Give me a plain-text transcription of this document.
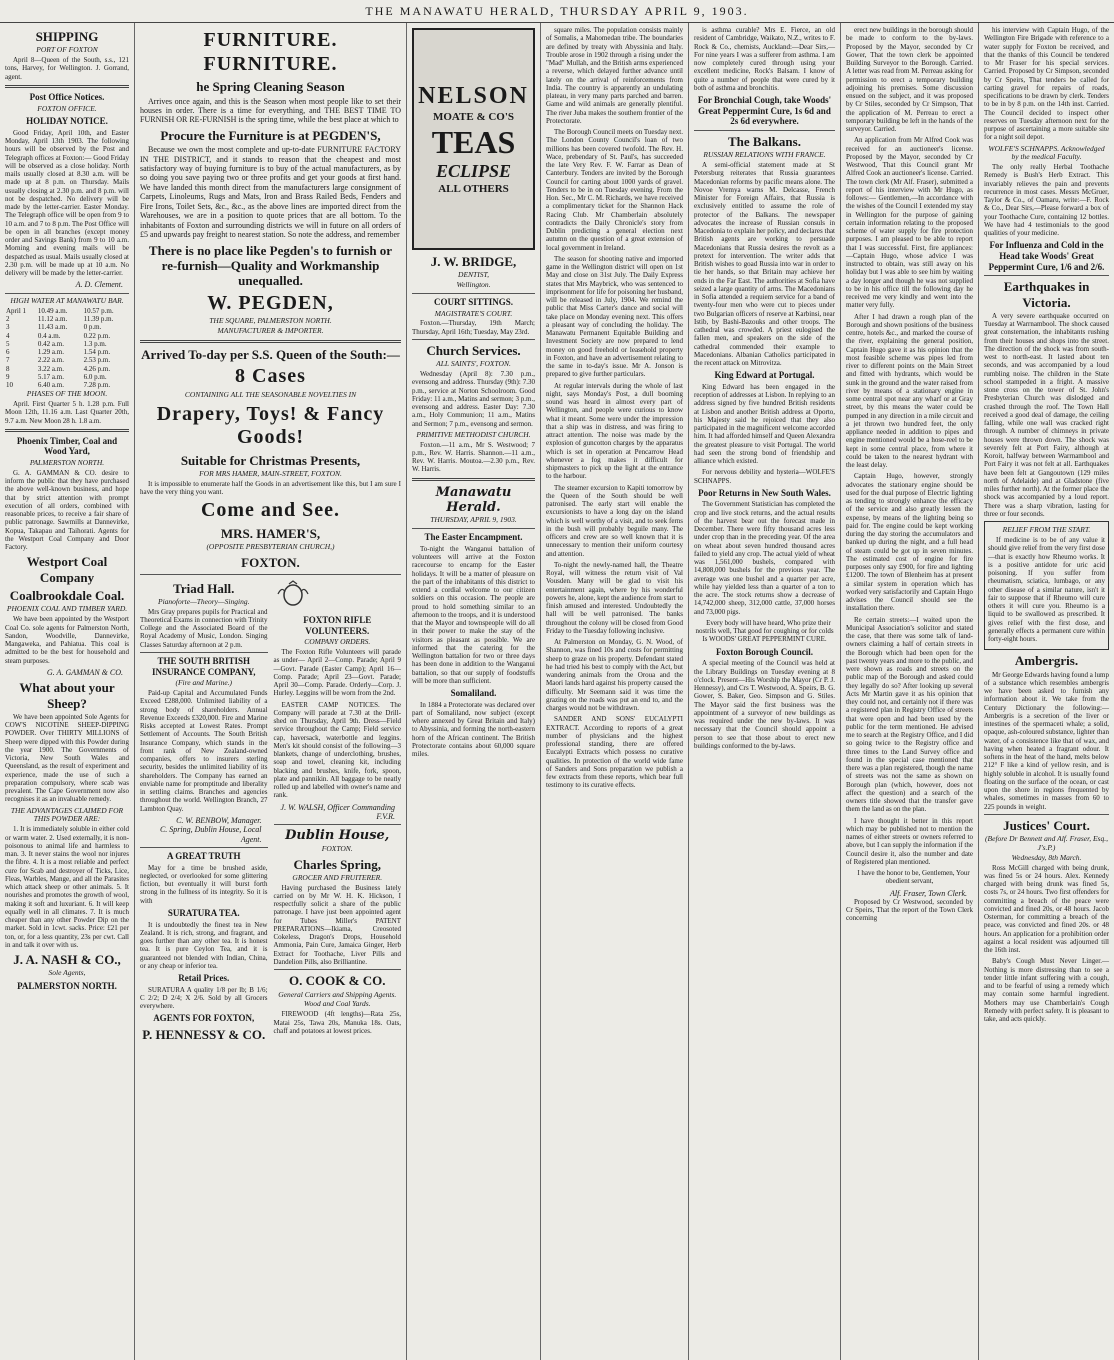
THE MANAWATU HERALD, THURSDAY APRIL 9, 1903.
SHIPPING
PORT OF FOXTON

April 8—Queen of the South, s.s., 121 tons, Harvey, for Wellington. J. Gorrand, agent.

Post Office Notices.
FOXTON OFFICE.
HOLIDAY NOTICE.

Good Friday, April 10th, and Easter Monday, April 13th 1903. The following hours will be observed by the Post and Telegraph offices at Foxton:— Good Friday will be observed as a close holiday. North mails usually closed at 8.30 a.m. will be made up at 8 p.m. on Thursday. Mails usually closing at 2.30 p.m. and 8 p.m. will not be despatched. No delivery will be made by the letter-carrier. Easter Monday. The Telegraph office will be open from 9 to 10 a.m. and 7 to 8 p.m. The Post Office will be open in all branches (except money order and Savings Bank) from 9 to 10 a.m. Morning and evening mails will be despatched as usual. Mails usually closed at 2.30 p.m. will be made up at 10 a.m. No delivery will be made by the letter-carrier.

A. D. Clement.
HIGH WATER AT MANAWATU BAR.
April 1	10.49 a.m.	10.57 p.m.
2	11.12 a.m.	11.39 p.m.
3	11.43 a.m.	0 p.m.
4	0.4 a.m.	0.22 p.m.
5	0.42 a.m.	1.3 p.m.
6	1.29 a.m.	1.54 p.m.
7	2.22 a.m.	2.53 p.m.
8	3.22 a.m.	4.26 p.m.
9	5.17 a.m.	6.0 p.m.
10	6.40 a.m.	7.28 p.m.
PHASES OF THE MOON.

April. First Quarter 5 h. 1.28 p.m. Full Moon 12th, 11.16 a.m. Last Quarter 20th, 9.7 a.m. New Moon 28 h. 1.8 a.m.

Phoenix Timber, Coal and Wood Yard,
PALMERSTON NORTH.

G. A. GAMMAN & CO. desire to inform the public that they have purchased the above well-known business, and hope that by strict attention with prompt execution of all orders, combined with reasonable prices, to receive a fair share of public patronage. Sawmills at Dannevirke, Kopua, Takapau and Taihorati. Agents for the Westport Coal Company and Door Factory.

Westport Coal Company
Coalbrookdale Coal.
PHOENIX COAL AND TIMBER YARD.

We have been appointed by the Westport Coal Co. sole agents for Palmerston North, Sandon, Woodville, Dannevirke, Mangaweka, and Pahiatua. This coal is admitted to be the best for household and steam purposes.

G. A. GAMMAN & CO.
What about your Sheep?

We have been appointed Sole Agents for COW'S NICOTINE SHEEP-DIPPING POWDER. Over THIRTY MILLIONS of Sheep were dipped with this Powder during the year 1900. The Governments of Victoria, New South Wales and Queensland, as the result of experiment and experience, made the use of such a preparation compulsory, where scab was prevalent. The Cape Government now also recognises it as an invaluable remedy.

THE ADVANTAGES CLAIMED FOR THIS POWDER ARE:

1. It is immediately soluble in either cold or warm water. 2. Used externally, it is non-poisonous to animal life and harmless to man. 3. It never stains the wool nor injures the fibre. 4. It is a most reliable and perfect cure for Scab and destroyer of Ticks, Lice, Fleas, Warbles, Mange, and all the Parasites which attack sheep or other animals. 5. It nourishes and promotes the growth of wool, making it soft and luxuriant. 6. It will keep equally well in all climates. 7. It is much cheaper than any other Powder Dip on the market. Sold in 1cwt. sacks. Price: £21 per ton, or, for a less quantity, 23s per cwt. Call in and talk it over with us.

J. A. NASH & CO.,
Sole Agents,
PALMERSTON NORTH.
FURNITURE. FURNITURE.
he Spring Cleaning Season

Arrives once again, and this is the Season when most people like to set their houses in order. There is a time for everything, and THE BEST TIME TO FURNISH OR RE-FURNISH is the spring time, while the best place at which to

Procure the Furniture is at PEGDEN'S,

Because we own the most complete and up-to-date FURNITURE FACTORY IN THE DISTRICT, and it stands to reason that the cheapest and most satisfactory way of buying furniture is to buy of the actual manufacturers, as by so doing you save paying two or three profits and get your goods at first hand. We have landed this month direct from the manufacturers large consignment of Carpets, Linoleums, Rugs and Mats, Iron and Brass Railed Beds, Fenders and Fire Irons, Toilet Sets, &c., &c., as the above lines are imported direct from the Warehouses, we are in a position to quote prices that are all bottom. To the inhabitants of Foxton and surrounding districts we will in future on all orders of £5 and upwards pay freight to nearest station. So note the address, and remember

There is no place like Pegden's to furnish or re-furnish—Quality and Workmanship unequalled.
W. PEGDEN,
THE SQUARE, PALMERSTON NORTH.
MANUFACTURER & IMPORTER.
Arrived To-day per S.S. Queen of the South:—
8 Cases
CONTAINING ALL THE SEASONABLE NOVELTIES IN
Drapery, Toys! & Fancy Goods!
Suitable for Christmas Presents,
FOR MRS HAMER, MAIN-STREET, FOXTON.

It is impossible to enumerate half the Goods in an advertisement like this, but I am sure I have the very thing you want.

Come and See.
MRS. HAMER'S,
(OPPOSITE PRESBYTERIAN CHURCH,)
FOXTON.
Triad Hall.
Pianoforte—Theory—Singing.

Mrs Gray prepares pupils for Practical and Theoretical Exams in connection with Trinity College and the Associated Board of the Royal Academy of Music, London. Singing Classes Saturday afternoon at 2 p.m.

THE SOUTH BRITISH INSURANCE COMPANY,
(Fire and Marine.)

Paid-up Capital and Accumulated Funds Exceed £288,000. Unlimited liability of a strong body of shareholders. Annual Revenue Exceeds £320,000. Fire and Marine Risks accepted at Lowest Rates. Prompt Settlement of Accounts. The South British Insurance Company, which stands in the front rank of New Zealand-owned companies, offers to insurers sterling security, besides the unlimited liability of its shareholders. The Company has earned an enviable name for promptitude and liberality in settling claims. Branches and agencies throughout the world. Wellington Branch, 27 Lambton Quay.

C. W. BENBOW, Manager.
C. Spring, Dublin House, Local Agent.
A GREAT TRUTH

May for a time be brushed aside, neglected, or overlooked for some glittering fiction, but eventually it will burst forth strong in the fullness of its integrity. So it is with

SURATURA TEA.

It is undoubtedly the finest tea in New Zealand. It is rich, strong, and fragrant, and goes further than any other tea. It is honest tea. It is pure Ceylon Tea, and it is guaranteed not blended with Indian, China, or any cheap or inferior tea.

Retail Prices.

SURATURA A quality 1/8 per lb; B 1/6; C 2/2; D 2/4; X 2/6. Sold by all Grocers everywhere.

AGENTS FOR FOXTON,
P. HENNESSY & CO.
FOXTON RIFLE VOLUNTEERS.
COMPANY ORDERS.

The Foxton Rifle Volunteers will parade as under— April 2—Comp. Parade; April 9—Govt. Parade (Easter Camp); April 16—Comp. Parade; April 23—Govt. Parade; April 30—Comp. Parade. Orderly—Corp. J. Hurley. Leggins will be worn from the 2nd.

EASTER CAMP NOTICES. The Company will parade at 7.30 at the Drill-shed on Thursday, April 9th. Dress—Field service throughout the Camp; Field service cap, haversack, waterbottle and leggins. Men's kit should consist of the following—3 blankets, change of underclothing, brushes, soap and towel, cleaning kit, including blacking and brushes, knife, fork, spoon, plate and pannikin. All baggage to be neatly rolled up and labelled with owner's name and rank.

J. W. WALSH, Officer Commanding F.V.R.
Dublin House,
FOXTON.
Charles Spring,
GROCER AND FRUITERER.

Having purchased the Business lately carried on by Mr W. H. K. Hickson, I respectfully solicit a share of the public patronage. I have just been appointed agent for Tubes Miller's PATENT PREPARATIONS—Ikiama, Creosoted Cokeless, Dragon's Drops, Household Ammonia, Pain Cure, Jamaica Ginger, Herb Extract for Toothache, Liver Pills and Dandelion Pills, also Brilliantine.

O. COOK & CO.
General Carriers and Shipping Agents.
Wood and Coal Yards.

FIREWOOD (4ft lengths)—Rata 25s, Matai 25s, Tawa 20s, Manuka 18s. Oats, chaff and potatoes at lowest prices.

NELSON
MOATE & CO'S
TEAS
ECLIPSE
ALL OTHERS
J. W. BRIDGE,
DENTIST,
Wellington.
COURT SITTINGS.
MAGISTRATE'S COURT.

Foxton.—Thursday, 19th March; Thursday, April 16th; Tuesday, May 23rd.

Church Services.
ALL SAINTS', FOXTON.

Wednesday (April 8): 7.30 p.m., evensong and address. Thursday (9th): 7.30 p.m., service at Norton Schoolroom. Good Friday: 11 a.m., Matins and sermon; 3 p.m., evensong and address. Easter Day: 7.30 a.m., Holy Communion; 11 a.m., Matins and Sermon; 7 p.m., evensong and sermon.

PRIMITIVE METHODIST CHURCH.

Foxton.—11 a.m., Mr S. Westwood; 7 p.m., Rev. W. Harris. Shannon.—11 a.m., Rev. W. Harris. Moutoa.—2.30 p.m., Rev. W. Harris.

Manawatu Herald.
THURSDAY, APRIL 9, 1903.
The Easter Encampment.

To-night the Wanganui battalion of volunteers will arrive at the Foxton racecourse to encamp for the Easter holidays. It will be a matter of pleasure on the part of the inhabitants of this district to extend a cordial welcome to our citizen soldiers on this occasion. The people are proud to hold something similar to an afternoon to the troops, and it is understood that the Mayor and townspeople will do all in their power to make the stay of the visitors as pleasant as possible. We are informed that the catering for the Wellington battalion for two or three days has been done in addition to the Wanganui battalion, so that our supply of foodstuffs will be more than sufficient.

Somaliland.

In 1884 a Protectorate was declared over part of Somaliland, now subject (except where annexed by Great Britain and Italy) to Abyssinia, and forming the north-eastern horn of the African continent. The British Protectorate contains about 60,000 square miles.

square miles. The population consists mainly of Somalis, a Mahomedan tribe. The boundaries are defined by treaty with Abyssinia and Italy. Trouble arose in 1902 through a rising under the "Mad" Mullah, and the British arms experienced a reverse, which delayed further advance until lately on the arrival of reinforcements from India. The country is apparently an undulating plateau, in very many parts parched and barren. Game and wild animals are generally plentiful. The river Juba makes the southern frontier of the Protectorate.

The Borough Council meets on Tuesday next. The London County Council's loan of two millions has been covered twofold. The Rev. H. Wace, prebendary of St. Paul's, has succeeded the late Very Rev. F. W. Farrar as Dean of Canterbury. Tenders are invited by the Borough Council for carting about 1000 yards of gravel. Tenders to be in on Tuesday evening. From the Hon. Sec., Mr C. M. Richards, we have received a complimentary ticket for the Shannon Hack Racing Club. Mr Chamberlain absolutely contradicts the Daily Chronicle's story from Dublin predicting a general election next autumn on the question of a great extension of local government in Ireland.

The season for shooting native and imported game in the Wellington district will open on 1st May and close on 31st July. The Daily Express states that Mrs Maybrick, who was sentenced to imprisonment for life for poisoning her husband, will be released in July, 1904. We remind the public that Miss Carter's dance and social will take place on Monday evening next. This offers a pleasant way of concluding the holiday. The Manawatu Permanent Equitable Building and Investment Society are now prepared to lend money on good freehold or leasehold property in Foxton, and have an advertisement relating to the same in to-day's issue. Mr A. Jonson is prepared to give further particulars.

At regular intervals during the whole of last night, says Monday's Post, a dull booming sound was heard in almost every part of Wellington, and people were curious to know what it meant. Some were under the impression that a ship was in distress, and was firing to attract attention. The noise was made by the explosion of guncotton charges by the apparatus which is set in operation at Pencarrow Head whenever a fog makes it difficult for shipmasters to pick up the light at the entrance to the harbour.

The steamer excursion to Kapiti tomorrow by the Queen of the South should be well patronised. The early start will enable the excursionists to have a long day on the island which is well worthy of a visit, and to seek ferns in the bush will probably beguile many. The officers and crew are so well known that it is unnecessary to mention their uniform courtesy and attention.

To-night the newly-named hall, the Theatre Royal, will witness the return visit of Val Vousden. Many will be glad to visit his entertainment again, where by his wonderful powers he, alone, kept the audience from start to finish amused and interested. Undoubtedly the hall will be well patronised. The banks throughout the colony will be closed from Good Friday to the Tuesday following inclusive.

At Palmerston on Monday, G. N. Wood, of Shannon, was fined 10s and costs for permitting sheep to graze on his property. Defendant stated he had tried his best to comply with the Act, but wandering animals from the Oroua and the Maori lands hard against his property caused the difficulty. Mr Seemann said it was time the grazing on the roads was put an end to, and the charges would not be withdrawn.

SANDER AND SONS' EUCALYPTI EXTRACT. According to reports of a great number of physicians and the highest professional standing, there are offered Eucalypti Extracts which possess no curative qualities. In protection of the world wide fame of Sanders and Sons preparation we publish a few extracts from these reports, which bear full testimony to its curative effects.

is asthma curable? Mrs E. Fierce, an old resident of Cambridge, Waikato, N.Z., writes to F. Rock & Co., chemists, Auckland:—Dear Sirs,—For nine years I was a sufferer from asthma. I am now completely cured through using your excellent medicine, Rock's Balsam. I know of quite a number of people that were cured by it both of asthma and bronchitis.

For Bronchial Cough, take Woods' Great Peppermint Cure, 1s 6d and 2s 6d everywhere.
The Balkans.
RUSSIAN RELATIONS WITH FRANCE.

A semi-official statement made at St Petersburg reiterates that Russia guarantees Macedonian reforms by pacific means alone. The Novoe Vremya warns M. Delcasse, French Minister for Foreign Affairs, that Russia is exclusively entitled to assume the role of protector of the Balkans. The newspaper advocates the increase of Russian consuls in Macedonia to explain her policy, and declares that British agents are working to persuade Macedonians that Russia desires the revolt as a pretext for intervention. The writer adds that British wishes to goad Russia into war in order to tie her hands, so that Britain may achieve her ends in the Far East. The authorities at Sofia have seized a large quantity of arms. The Macedonians in Sofia attended a requiem service for a band of twenty-four men who were cut to pieces under two Bulgarian officers of reserve at Karbinsi, near Istib, by Bashi-Bazouks and other troops. The cathedral was crowded. A priest eulogised the fallen men, and speakers on the side of the cathedral commended their example to Macedonians. Albanian Catholics participated in the recent attack on Mitrovitza.

King Edward at Portugal.

King Edward has been engaged in the reception of addresses at Lisbon. In replying to an address signed by five hundred British residents at Lisbon and another British address at Oporto, his Majesty said he rejoiced that they also participated in the magnificent welcome accorded him. It had afforded himself and Queen Alexandra the greatest pleasure to visit Portugal. The world had seen the strong bond of friendship and alliance which existed.

For nervous debility and hysteria—WOLFE'S SCHNAPPS.

Poor Returns in New South Wales.

The Government Statistician has completed the crop and live stock returns, and the actual results of the harvest bear out the forecast made in December. There were fifty thousand acres less under crop than in the preceding year. Of the area on wheat about seven hundred thousand acres failed to yield any crop. The actual yield of wheat was 1,561,000 bushels, compared with 14,808,000 bushels for the previous year. The average was one bushel and a quarter per acre, while hay yielded less than a quarter of a ton to the acre. The stock returns show a decrease of 14,742,000 sheep, 312,000 cattle, 37,000 horses and 73,000 pigs.

Every body will have heard, Who prize their nostrils well, That good for coughing or for colds Is WOODS' GREAT PEPPERMINT CURE.

Foxton Borough Council.

A special meeting of the Council was held at the Library Buildings on Tuesday evening at 8 o'clock. Present—His Worship the Mayor (Cr P. J. Hennessy), and Crs T. Westwood, A. Speirs, B. G. Gower, S. Baker, Geo. Simpson and G. Stiles. The Mayor said the first business was the appointment of a surveyor of new buildings as was required under the new by-laws. It was necessary that the Council should appoint a person to see that those about to erect new buildings conformed to the by-laws.

erect new buildings in the borough should be made to conform to the by-laws. Proposed by the Mayor, seconded by Cr Gower, That the town clerk be appointed Building Surveyor to the Borough. Carried. A letter was read from M. Perreau asking for permission to erect a temporary building adjoining his premises. Some discussion ensued on the subject, and it was proposed by Cr Stiles, seconded by Cr Simpson, That the application of M. Perreau to erect a temporary building be left in the hands of the surveyor. Carried.

An application from Mr Alfred Cook was received for an auctioneer's license. Proposed by the Mayor, seconded by Cr Westwood, That this Council grant Mr Alfred Cook an auctioneer's license. Carried. The town clerk (Mr Alf. Fraser), submitted a report of his interview with Mr Hugo, as follows:— Gentlemen,—In accordance with the wishes of the Council I extended my stay in Wellington for the purpose of gaining certain information relating to the proposed scheme of water supply for fire protection purposes. I am pleased to be able to report that I was successful. First, fire appliances:—Captain Hugo, whose advice I was instructed to obtain, was still away on his holiday but I was able to see him by waiting a day longer and though he was not supplied to be in his office till the following day he received me very kindly and went into the matter very fully.

After I had drawn a rough plan of the Borough and shown positions of the business centre, hotels &c., and marked the course of the river, explaining the general position, Captain Hugo gave it as his opinion that the most feasible scheme was pipes led from river to different points on the Main Street and fitted with hydrants, which would be sunk in the ground and the water raised from river by means of a stationary engine in some central spot near any wharf or at Gray street, by this means the water could be pumped in any direction in a mile circuit and a jet thrown two hundred feet, the only appliance needed in addition to pipes and engine mentioned would be a hose-reel to be kept in some central place, from where it could be taken to the nearest hydrant with the least delay.

Captain Hugo, however, strongly advocates the stationary engine should be used for the dual purpose of Electric lighting as tending to strongly enhance the efficacy of the service and also greatly lessen the expense, by means of the lighting being so paid for. The engine could be kept working during the day storing the accumulators and banked up during the night, and a full head of steam could be got up in seven minutes. The estimated cost of engine for fire purposes only say £900, for fire and lighting £1200. The town of Blenheim has at present a similar system in operation which has worked very satisfactorily and Captain Hugo advises the Council should see the installation there.

Re certain streets:—I waited upon the Municipal Association's solicitor and stated the case, that there was some talk of land-owners claiming a half of certain streets in the Borough which had been open for the past twenty years and more to the public, and were shown as roads and streets on the public map of the Borough and asked could they legally do so? After looking up several Acts Mr Martin gave it as his opinion that they could not, and certainly not if there was a registered plan in Registry Office of streets that were open and had been used by the public for the term mentioned. He advised me to search at the Registry Office, and I did so going twice to the Registry office and three times to the Land Survey office and found in the special case mentioned that there was a plan registered, though the name of streets was not the same as shown on Borough plan (which, however, does not affect the question) and a search of the owners title showed that the transfer gave them the land as on the plan.

I have thought it better in this report which may be published not to mention the names of either streets or owners referred to above, but I can supply the information if the Council desire it, also the number and date of Registered plan mentioned.

I have the honor to be, Gentlemen, Your obedient servant,

Alf. Fraser, Town Clerk.

Proposed by Cr Westwood, seconded by Cr Speirs, That the report of the Town Clerk concerning

his interview with Captain Hugo, of the Wellington Fire Brigade with reference to a water supply for Foxton be received, and that the thanks of this Council be tendered to Mr Fraser for his special services. Carried. Proposed by Cr Simpson, seconded by Cr Speirs, That tenders be called for carting gravel for repairs of roads, specifications to be drawn by clerk. Tenders to be in by 8 p.m. on the 14th inst. Carried. The Council decided to inspect other reserves on Tuesday afternoon next for the purpose of ascertaining a more suitable site for a night soil depot.

WOLFE'S SCHNAPPS. Acknowledged by the medical Faculty.

The only really Herbal Toothache Remedy is Bush's Herb Extract. This invariably relieves the pain and prevents recurrence in most cases. Messrs McGruer, Taylor & Co., of Oamaru, write:—F. Rock & Co., Dear Sirs,—Please forward a box of your Toothache Cure, containing 12 bottles. We have had 4 testimonials to the good qualities of your medicine.

For Influenza and Cold in the Head take Woods' Great Peppermint Cure, 1/6 and 2/6.
Earthquakes in Victoria.

A very severe earthquake occurred on Tuesday at Warrnambool. The shock caused great consternation, the inhabitants rushing from their houses and shops into the street. The direction of the shock was from south-west to north-east. It lasted about ten seconds, and was accompanied by a loud rumbling noise. The children in the State school stampeded in a fright. A massive stone cross on the tower of St. John's Presbyterian Church was dislodged and crashed through the roof. The Town Hall received a good deal of damage, the ceiling falling, while one wall was cracked right through. A number of chimneys in private houses were thrown down. The shock was severely felt at Port Fairy, although at Koroit, halfway between Warrnambool and Port Fairy it was not felt at all. Earthquakes have been felt at Gangoutown (129 miles north of Adelaide) and at Gladstone (five miles further north). At the former place the shock was accompanied by a loud report. There was a sharp vibration, lasting for three or four seconds.

RELIEF FROM THE START.

If medicine is to be of any value it should give relief from the very first dose—that is exactly how Rheumo works. It is a positive antidote for uric acid poisoning. If you suffer from rheumatism, sciatica, lumbago, or any other disease of a similar nature, isn't it fair to suppose that if Rheumo will cure others it will cure you. Rheumo is a liquid to be swallowed as prescribed. It gives relief with the first dose, and generally effects a permanent cure within forty-eight hours.

Ambergris.

Mr George Edwards having found a lump of a substance which resembles ambergris we have been asked to furnish any information about it. We take from the Century Dictionary the following:—Ambergris is a secretion of the liver or intestines of the spermaceti whale; a solid, opaque, ash-coloured substance, lighter than water, of a consistence like that of wax, and having when heated a fragrant odour. It softens in the heat of the hand, melts below 212° F like a kind of yellow resin, and is highly soluble in alcohol. It is usually found floating on the surface of the ocean, or cast upon the shore in regions frequented by whales, sometimes in masses from 60 to 225 pounds in weight.

Justices' Court.
(Before Dr Bennett and Alf. Fraser, Esq., J's.P.)
Wednesday, 8th March.

Ross McGill charged with being drunk, was fined 5s or 24 hours. Alex. Kennedy charged with being drunk was fined 5s, costs 7s, or 24 hours. Two first offenders for committing a breach of the peace were convicted and fined 20s, or 48 hours. Jacob Osterman, for committing a breach of the peace, was convicted and fined 20s. or 48 hours. An application for a prohibition order against a local resident was adjourned till the 16th inst.

Baby's Cough Must Never Linger.—Nothing is more distressing than to see a tender little infant suffering with a cough, and to be fearful of using a remedy which may contain some harmful ingredient. Mothers may use Chamberlain's Cough Remedy with perfect safety. It is pleasant to take, and acts quickly.
